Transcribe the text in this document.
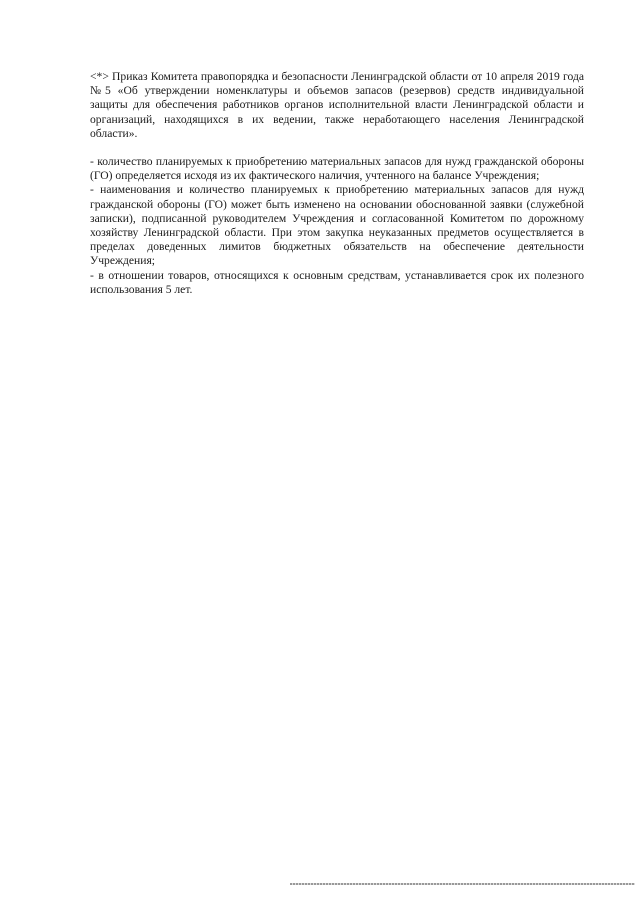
<*> Приказ Комитета правопорядка и безопасности Ленинградской области от 10 апреля 2019 года №5 «Об утверждении номенклатуры и объемов запасов (резервов) средств индивидуальной защиты для обеспечения работников органов исполнительной власти Ленинградской области и организаций, находящихся в их ведении, также неработающего населения Ленинградской области».

- количество планируемых к приобретению материальных запасов для нужд гражданской обороны (ГО) определяется исходя из их фактического наличия, учтенного на балансе Учреждения;

- наименования и количество планируемых к приобретению материальных запасов для нужд гражданской обороны (ГО) может быть изменено на основании обоснованной заявки (служебной записки), подписанной руководителем Учреждения и согласованной Комитетом по дорожному хозяйству Ленинградской области. При этом закупка неуказанных предметов осуществляется в пределах доведенных лимитов бюджетных обязательств на обеспечение деятельности Учреждения;

- в отношении товаров, относящихся к основным средствам, устанавливается срок их полезного использования 5 лет.
